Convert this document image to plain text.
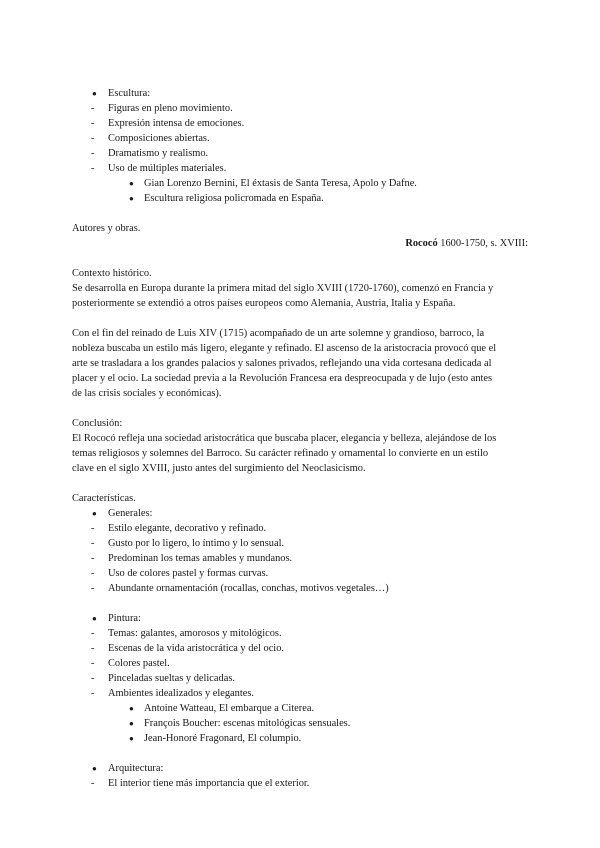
● Escultura:
- Figuras en pleno movimiento.
- Expresión intensa de emociones.
- Composiciones abiertas.
- Dramatismo y realismo.
- Uso de múltiples materiales.
● Gian Lorenzo Bernini, El éxtasis de Santa Teresa, Apolo y Dafne.
● Escultura religiosa policromada en España.
Autores y obras.
Rococó 1600-1750, s. XVIII:
Contexto histórico.
Se desarrolla en Europa durante la primera mitad del siglo XVIII (1720-1760), comenzó en Francia y
posteriormente se extendió a otros países europeos como Alemania, Austria, Italia y España.
Con el fin del reinado de Luis XIV (1715) acompañado de un arte solemne y grandioso, barroco, la
nobleza buscaba un estilo más ligero, elegante y refinado. El ascenso de la aristocracia provocó que el
arte se trasladara a los grandes palacios y salones privados, reflejando una vida cortesana dedicada al
placer y el ocio. La sociedad previa a la Revolución Francesa era despreocupada y de lujo (esto antes
de las crisis sociales y económicas).
Conclusión:
El Rococó refleja una sociedad aristocrática que buscaba placer, elegancia y belleza, alejándose de los
temas religiosos y solemnes del Barroco. Su carácter refinado y ornamental lo convierte en un estilo
clave en el siglo XVIII, justo antes del surgimiento del Neoclasicismo.
Características.
● Generales:
- Estilo elegante, decorativo y refinado.
- Gusto por lo ligero, lo íntimo y lo sensual.
- Predominan los temas amables y mundanos.
- Uso de colores pastel y formas curvas.
- Abundante ornamentación (rocallas, conchas, motivos vegetales…)
● Pintura:
- Temas: galantes, amorosos y mitológicos.
- Escenas de la vida aristocrática y del ocio.
- Colores pastel.
- Pinceladas sueltas y delicadas.
- Ambientes idealizados y elegantes.
● Antoine Watteau, El embarque a Citerea.
● François Boucher: escenas mitológicas sensuales.
● Jean-Honoré Fragonard, El columpio.
● Arquitectura:
- El interior tiene más importancia que el exterior.
